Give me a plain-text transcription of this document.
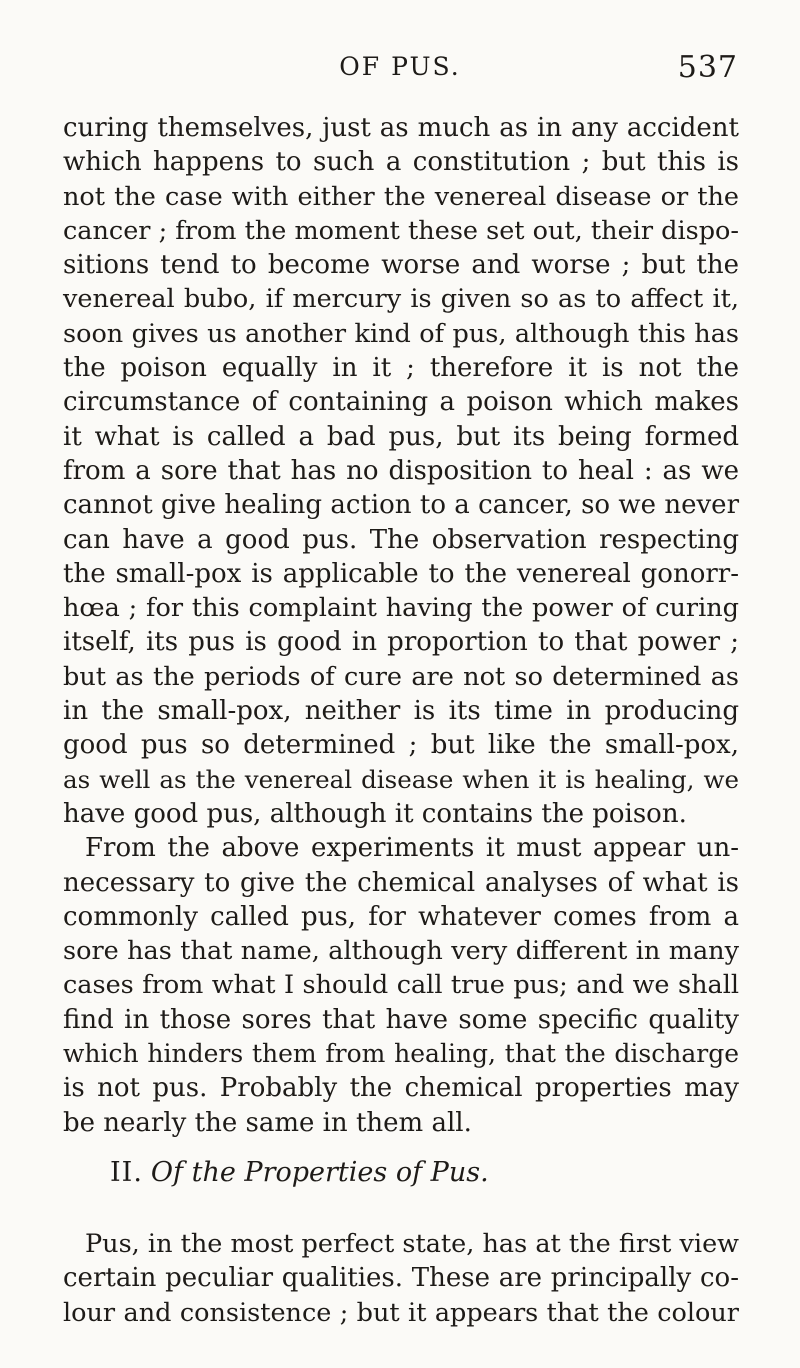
OF PUS.	537
curing themselves, just as much as in any accident
which happens to such a constitution ; but this is
not the case with either the venereal disease or the
cancer ; from the moment these set out, their dispo-
sitions tend to become worse and worse ; but the
venereal bubo, if mercury is given so as to affect it,
soon gives us another kind of pus, although this has
the poison equally in it ; therefore it is not the
circumstance of containing a poison which makes
it what is called a bad pus, but its being formed
from a sore that has no disposition to heal : as we
cannot give healing action to a cancer, so we never
can have a good pus. The observation respecting
the small-pox is applicable to the venereal gonorr-
hœa ; for this complaint having the power of curing
itself, its pus is good in proportion to that power ;
but as the periods of cure are not so determined as
in the small-pox, neither is its time in producing
good pus so determined ; but like the small-pox,
as well as the venereal disease when it is healing, we
have good pus, although it contains the poison.
From the above experiments it must appear un-
necessary to give the chemical analyses of what is
commonly called pus, for whatever comes from a
sore has that name, although very different in many
cases from what I should call true pus; and we shall
find in those sores that have some specific quality
which hinders them from healing, that the discharge
is not pus. Probably the chemical properties may
be nearly the same in them all.
II. Of the Properties of Pus.
Pus, in the most perfect state, has at the first view
certain peculiar qualities. These are principally co-
lour and consistence ; but it appears that the colour
